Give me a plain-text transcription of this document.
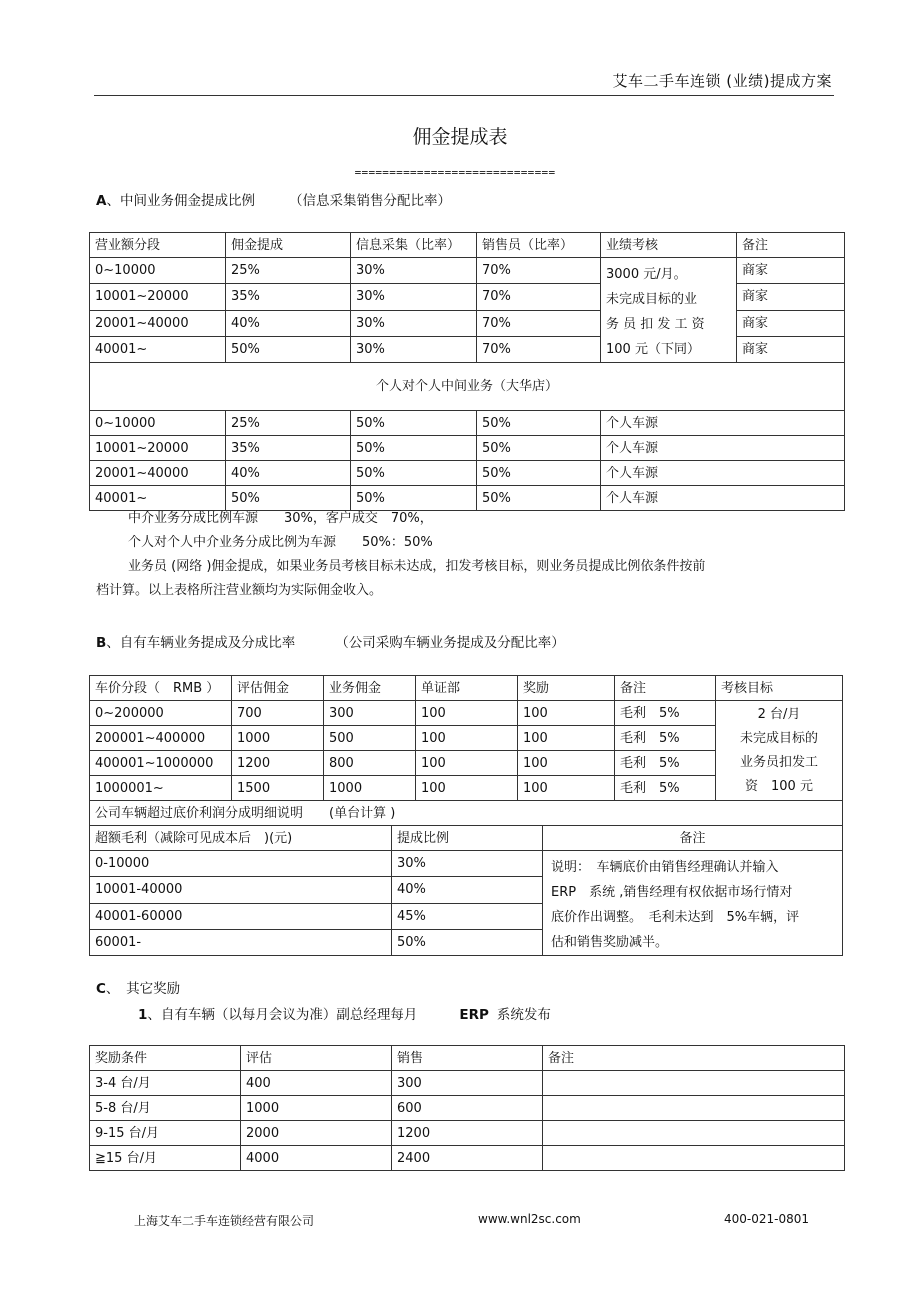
艾车二手车连锁 (业绩)提成方案
佣金提成表
=============================
A、中间业务佣金提成比例	（信息采集销售分配比率）
营业额分段	佣金提成	信息采集（比率）	销售员（比率）	业绩考核	备注
0~10000	25%	30%	70%	3000 元/月。
未完成目标的业
务 员 扣 发 工 资
100 元（下同）	商家
10001~20000	35%	30%	70%		商家
20001~40000	40%	30%	70%		商家
40001~	50%	30%	70%		商家
个人对个人中间业务（大华店）					
0~10000	25%	50%	50%	个人车源	
10001~20000	35%	50%	50%	个人车源	
20001~40000	40%	50%	50%	个人车源	
40001~	50%	50%	50%	个人车源	
中介业务分成比例车源　　30%，客户成交　70%，
个人对个人中介业务分成比例为车源　　50%：50%
业务员 (网络 )佣金提成，如果业务员考核目标未达成，扣发考核目标，则业务员提成比例依条件按前
档计算。以上表格所注营业额均为实际佣金收入。
B、自有车辆业务提成及分成比率	（公司采购车辆业务提成及分配比率）
车价分段（　RMB ）	评估佣金	业务佣金	单证部	奖励	备注	考核目标
0~200000	700	300	100	100	毛利　5%	2 台/月
未完成目标的
业务员扣发工
资　100 元

200001~400000	1000	500	100	100	毛利　5%	
400001~1000000	1200	800	100	100	毛利　5%	
1000001~	1500	1000	100	100	毛利　5%	
公司车辆超过底价利润分成明细说明　　(单台计算 )						
超额毛利（减除可见成本后　)(元)	提成比例	备注
0-10000	30%	说明：　车辆底价由销售经理确认并输入
ERP　系统 ,销售经理有权依据市场行情对
底价作出调整。　毛利未达到　5%车辆，评
估和销售奖励减半。

10001-40000	40%	
40001-60000	45%	
60001-	50%	
C、　其它奖励
1、自有车辆（以每月会议为准）副总经理每月	ERP 系统发布
奖励条件	评估	销售	备注
3-4 台/月	400	300	
5-8 台/月	1000	600	
9-15 台/月	2000	1200	
≧15 台/月	4000	2400	
上海艾车二手车连锁经营有限公司	www.wnl2sc.com	400-021-0801
